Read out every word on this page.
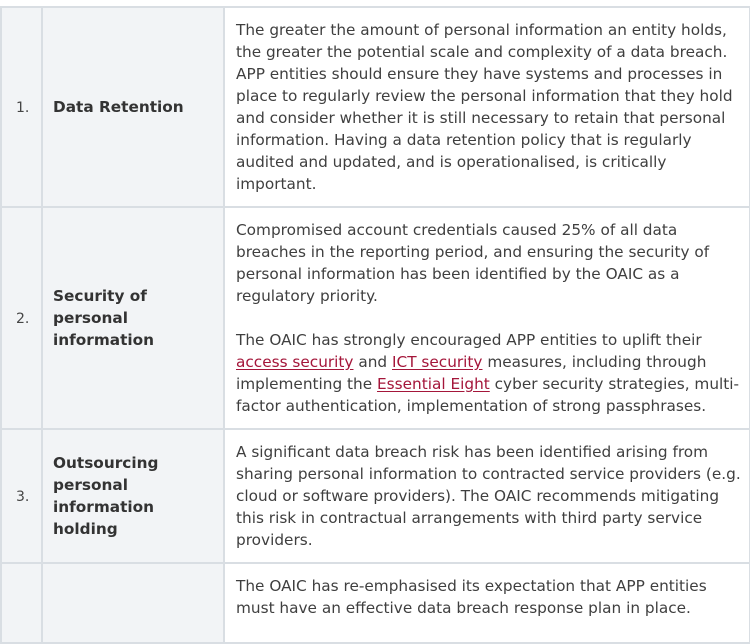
1.	Data Retention	The greater the amount of personal information an entity holds, the greater the potential scale and complexity of a data breach. APP entities should ensure they have systems and processes in place to regularly review the personal information that they hold and consider whether it is still necessary to retain that personal information. Having a data retention policy that is regularly audited and updated, and is operationalised, is critically important.

2.	Security of personal information	Compromised account credentials caused 25% of all data breaches in the reporting period, and ensuring the security of personal information has been identified by the OAIC as a regulatory priority.

The OAIC has strongly encouraged APP entities to uplift their access security and ICT security measures, including through implementing the Essential Eight cyber security strategies, multi-factor authentication, implementation of strong passphrases.

3.	Outsourcing personal information holding	A significant data breach risk has been identified arising from sharing personal information to contracted service providers (e.g. cloud or software providers). The OAIC recommends mitigating this risk in contractual arrangements with third party service providers.

		The OAIC has re-emphasised its expectation that APP entities must have an effective data breach response plan in place.
